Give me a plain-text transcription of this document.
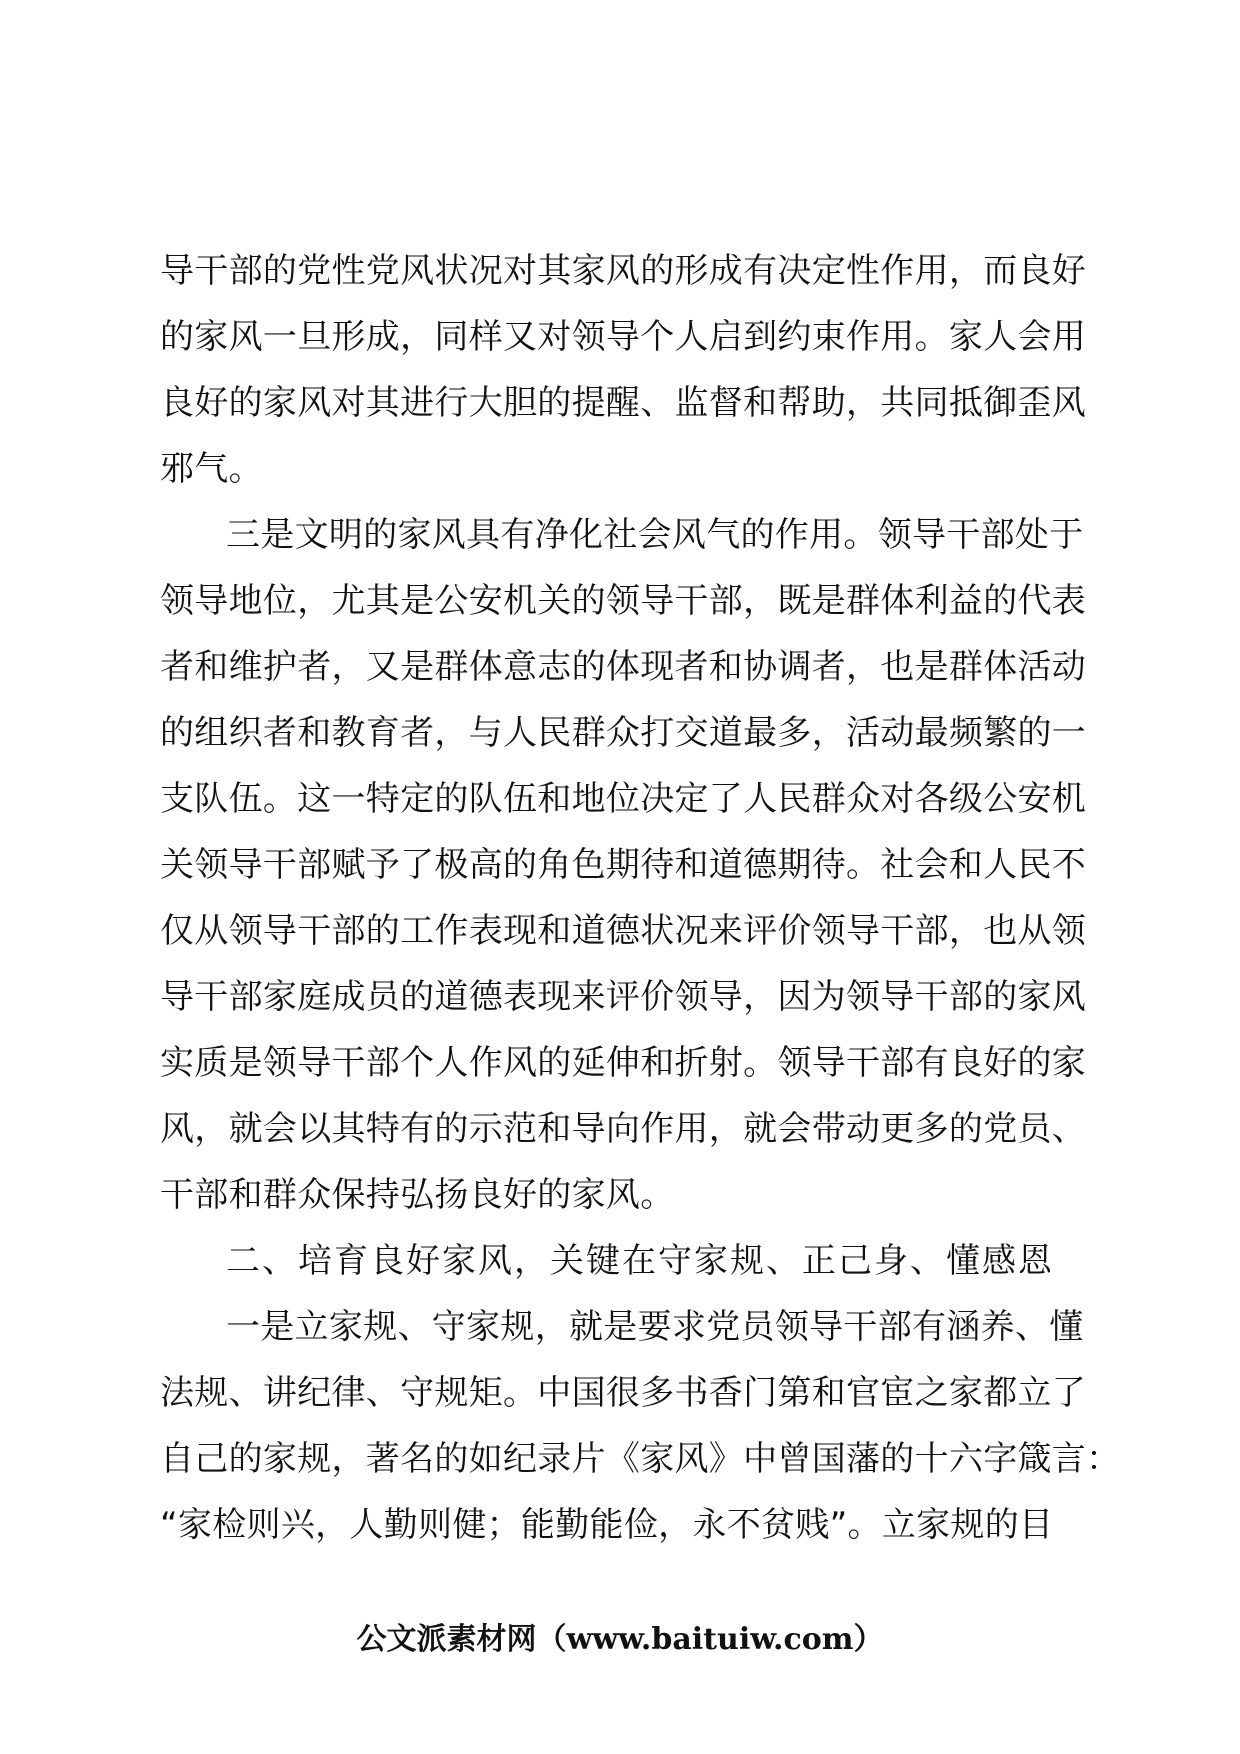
导干部的党性党风状况对其家风的形成有决定性作用，而良好
的家风一旦形成，同样又对领导个人启到约束作用。家人会用
良好的家风对其进行大胆的提醒、监督和帮助，共同抵御歪风
邪气。
三是文明的家风具有净化社会风气的作用。领导干部处于
领导地位，尤其是公安机关的领导干部，既是群体利益的代表
者和维护者，又是群体意志的体现者和协调者，也是群体活动
的组织者和教育者，与人民群众打交道最多，活动最频繁的一
支队伍。这一特定的队伍和地位决定了人民群众对各级公安机
关领导干部赋予了极高的角色期待和道德期待。社会和人民不
仅从领导干部的工作表现和道德状况来评价领导干部，也从领
导干部家庭成员的道德表现来评价领导，因为领导干部的家风
实质是领导干部个人作风的延伸和折射。领导干部有良好的家
风，就会以其特有的示范和导向作用，就会带动更多的党员、
干部和群众保持弘扬良好的家风。
二、培育良好家风，关键在守家规、正己身、懂感恩
一是立家规、守家规，就是要求党员领导干部有涵养、懂
法规、讲纪律、守规矩。中国很多书香门第和官宦之家都立了
自己的家规，著名的如纪录片《家风》中曾国藩的十六字箴言：
“家检则兴，人勤则健；能勤能俭，永不贫贱”。立家规的目
公文派素材网（www.baituiw.com）
